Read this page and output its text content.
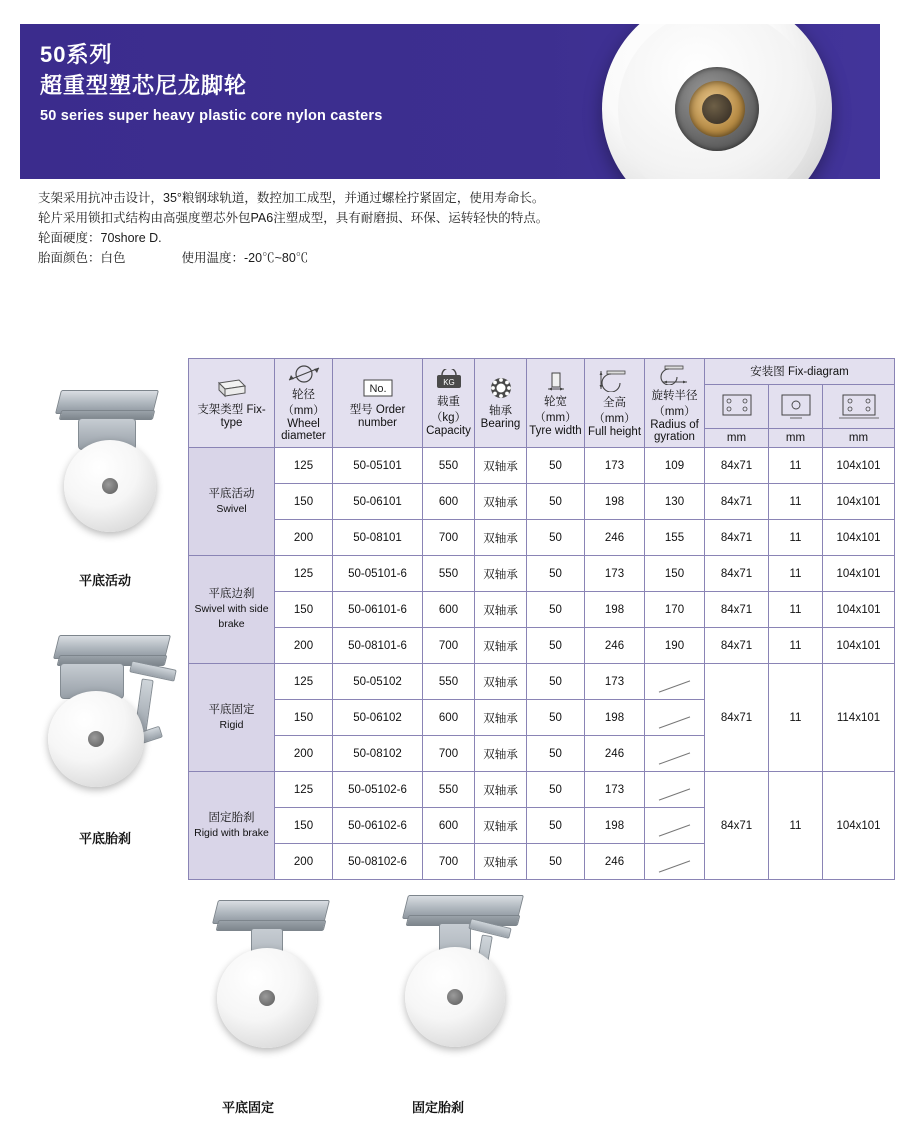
50系列
超重型塑芯尼龙脚轮
50 series super heavy plastic core nylon casters
支架采用抗冲击设计，35°粮钢球轨道，数控加工成型，并通过螺栓拧紧固定，使用寿命长。
轮片采用锁扣式结构由高强度塑芯外包PA6注塑成型，具有耐磨损、环保、运转轻快的特点。
轮面硬度：70shore D.
胎面颜色：白色	使用温度：-20℃~80℃
支架类型 Fix-type	轮径（mm） Wheel diameter	No.
型号 Order number	KG
载重（kg） Capacity	轴承 Bearing	轮宽（mm） Tyre width	全高（mm） Full height	旋转半径（mm） Radius of gyration	安装图 Fix-diagram		

								mm	mm	mm

平底活动
Swivel	125	50-05101	550	双轴承	50	173	109	84x71	11	104x101
	150	50-06101	600	双轴承	50	198	130	84x71	11	104x101
	200	50-08101	700	双轴承	50	246	155	84x71	11	104x101

平底边刹
Swivel with side brake	125	50-05101-6	550	双轴承	50	173	150	84x71	11	104x101
	150	50-06101-6	600	双轴承	50	198	170	84x71	11	104x101
	200	50-08101-6	700	双轴承	50	246	190	84x71	11	104x101

平底固定
Rigid	125	50-05102	550	双轴承	50	173		84x71	11	114x101
	150	50-06102	600	双轴承	50	198				
	200	50-08102	700	双轴承	50	246				

固定胎刹
Rigid with brake	125	50-05102-6	550	双轴承	50	173		84x71	11	104x101
	150	50-06102-6	600	双轴承	50	198				
	200	50-08102-6	700	双轴承	50	246				
平底活动
平底胎刹
平底固定	固定胎刹
